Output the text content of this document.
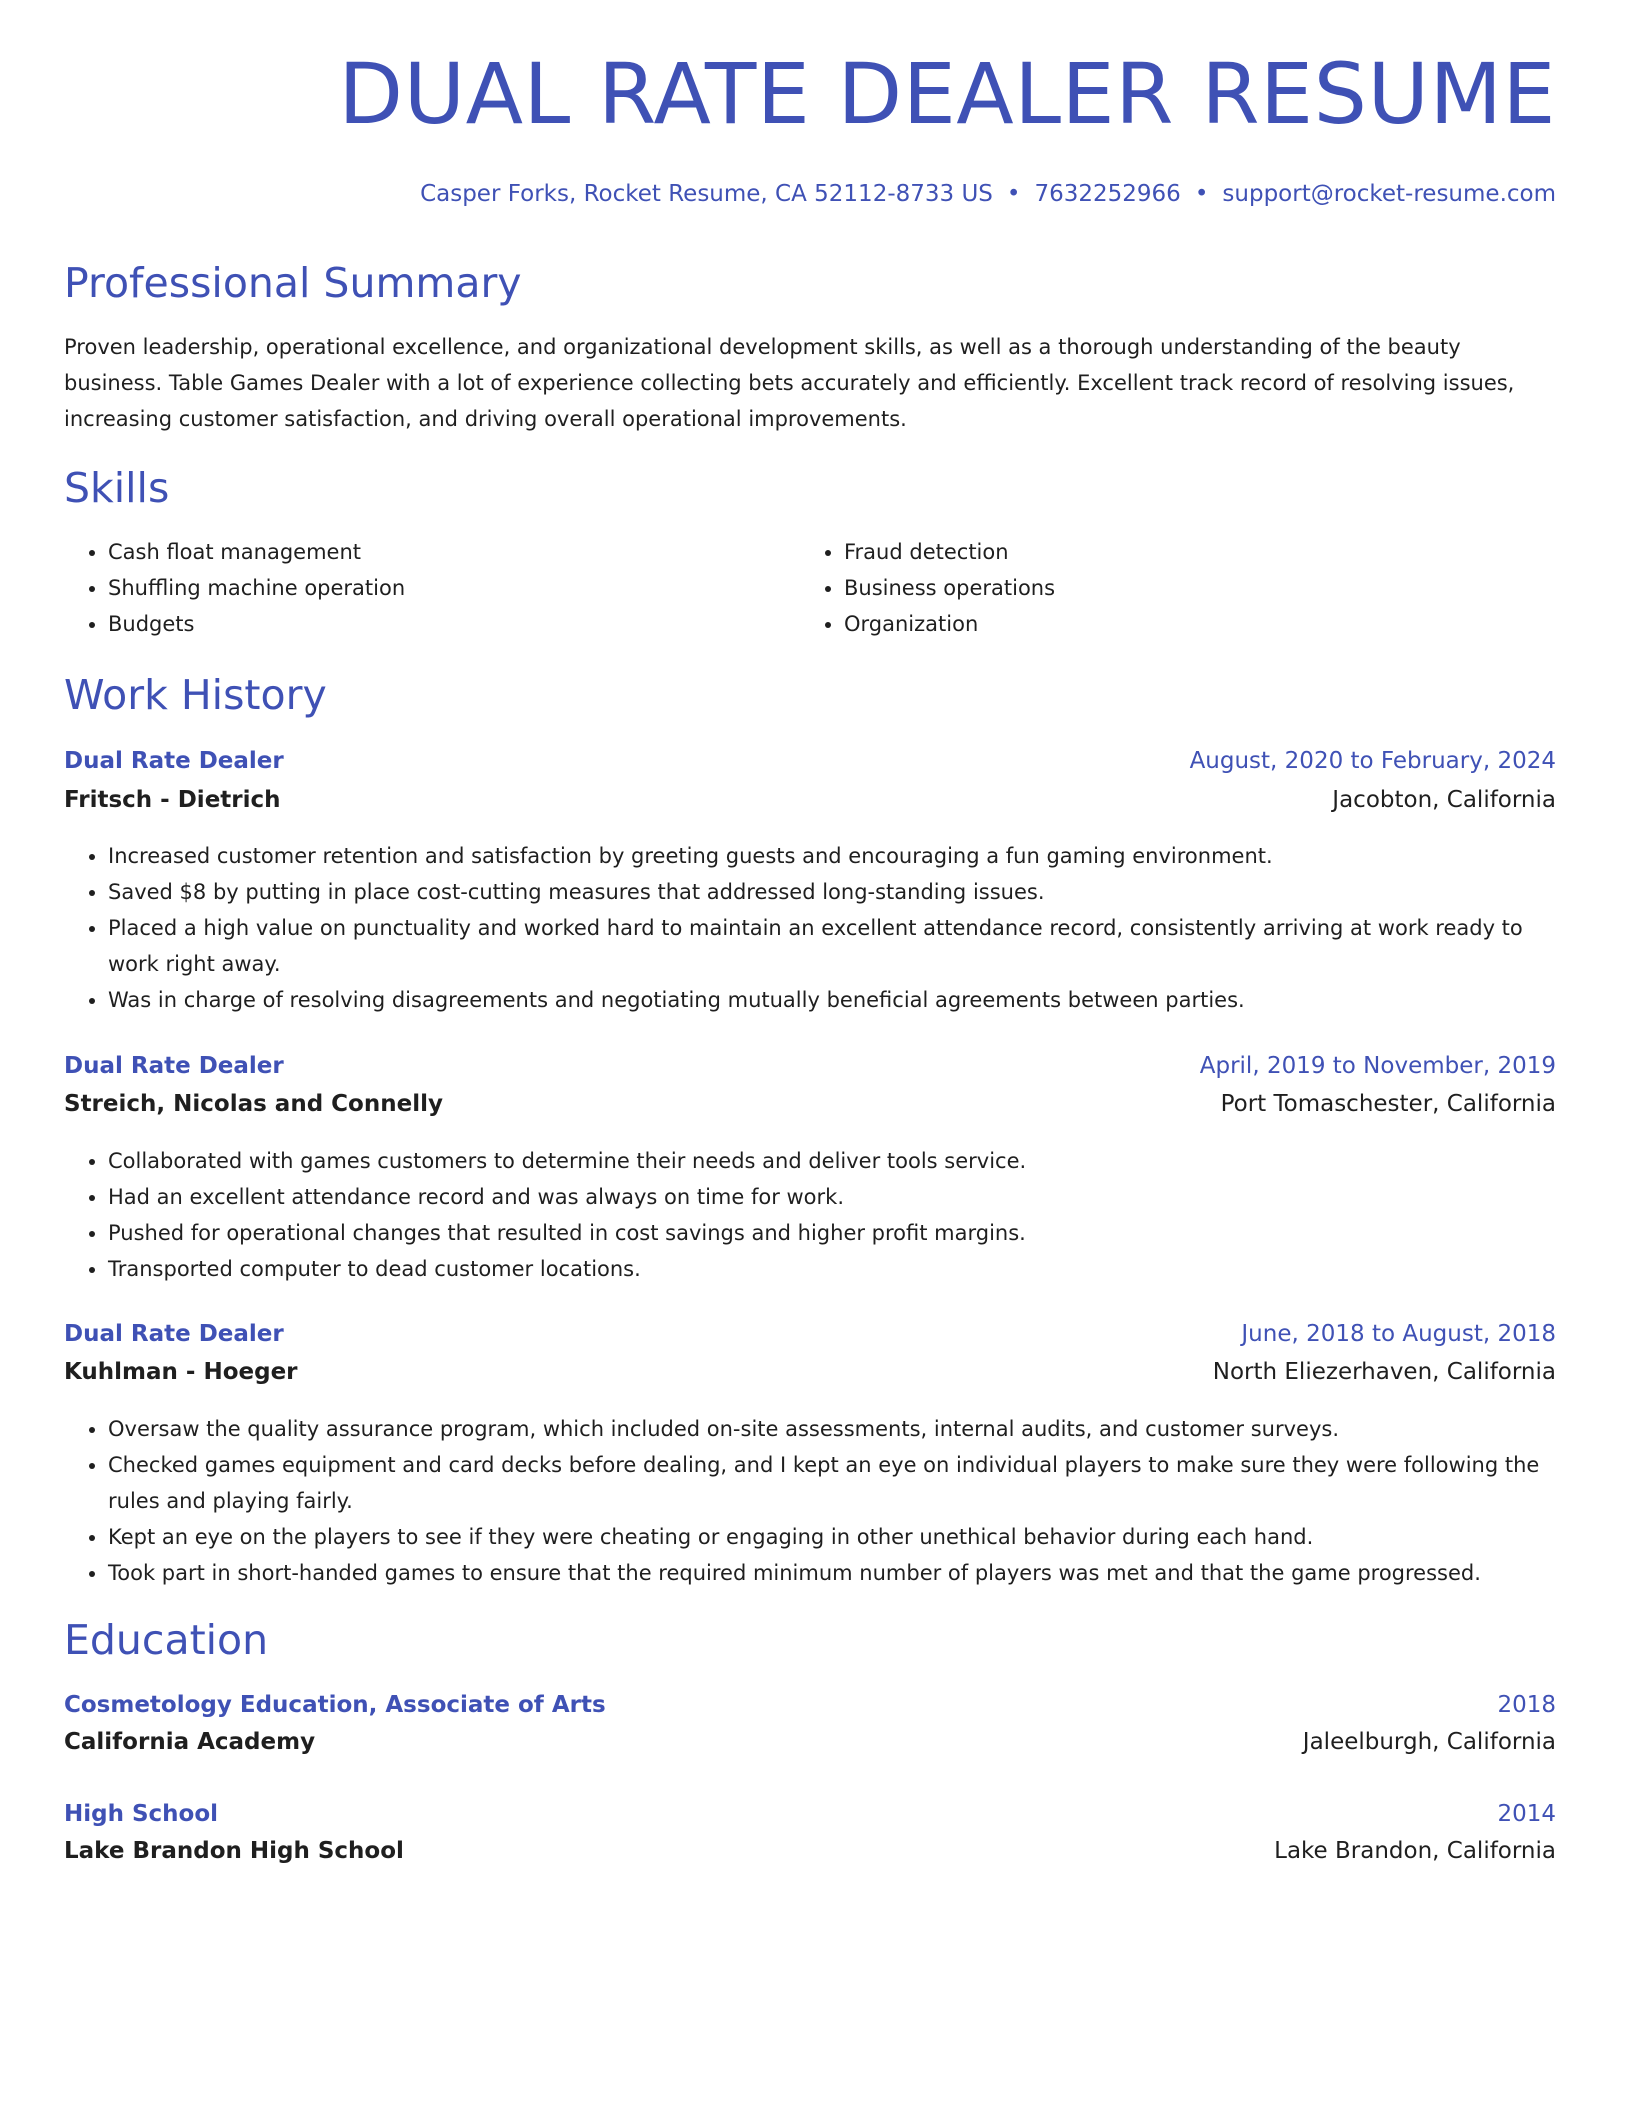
DUAL RATE DEALER RESUME
Casper Forks, Rocket Resume, CA 52112-8733 US • 7632252966 • support@rocket-resume.com
Professional Summary

Proven leadership, operational excellence, and organizational development skills, as well as a thorough understanding of the beauty business. Table Games Dealer with a lot of experience collecting bets accurately and efficiently. Excellent track record of resolving issues, increasing customer satisfaction, and driving overall operational improvements.

Skills
• Cash float management
• Shuffling machine operation
• Budgets
• Fraud detection
• Business operations
• Organization
Work History
Dual Rate Dealer	August, 2020 to February, 2024
Fritsch - Dietrich	Jacobton, California
• Increased customer retention and satisfaction by greeting guests and encouraging a fun gaming environment.
• Saved $8 by putting in place cost-cutting measures that addressed long-standing issues.
• Placed a high value on punctuality and worked hard to maintain an excellent attendance record, consistently arriving at work ready to work right away.
• Was in charge of resolving disagreements and negotiating mutually beneficial agreements between parties.
Dual Rate Dealer	April, 2019 to November, 2019
Streich, Nicolas and Connelly	Port Tomaschester, California
• Collaborated with games customers to determine their needs and deliver tools service.
• Had an excellent attendance record and was always on time for work.
• Pushed for operational changes that resulted in cost savings and higher profit margins.
• Transported computer to dead customer locations.
Dual Rate Dealer	June, 2018 to August, 2018
Kuhlman - Hoeger	North Eliezerhaven, California
• Oversaw the quality assurance program, which included on-site assessments, internal audits, and customer surveys.
• Checked games equipment and card decks before dealing, and I kept an eye on individual players to make sure they were following the rules and playing fairly.
• Kept an eye on the players to see if they were cheating or engaging in other unethical behavior during each hand.
• Took part in short-handed games to ensure that the required minimum number of players was met and that the game progressed.
Education
Cosmetology Education, Associate of Arts	2018
California Academy	Jaleelburgh, California
High School	2014
Lake Brandon High School	Lake Brandon, California
